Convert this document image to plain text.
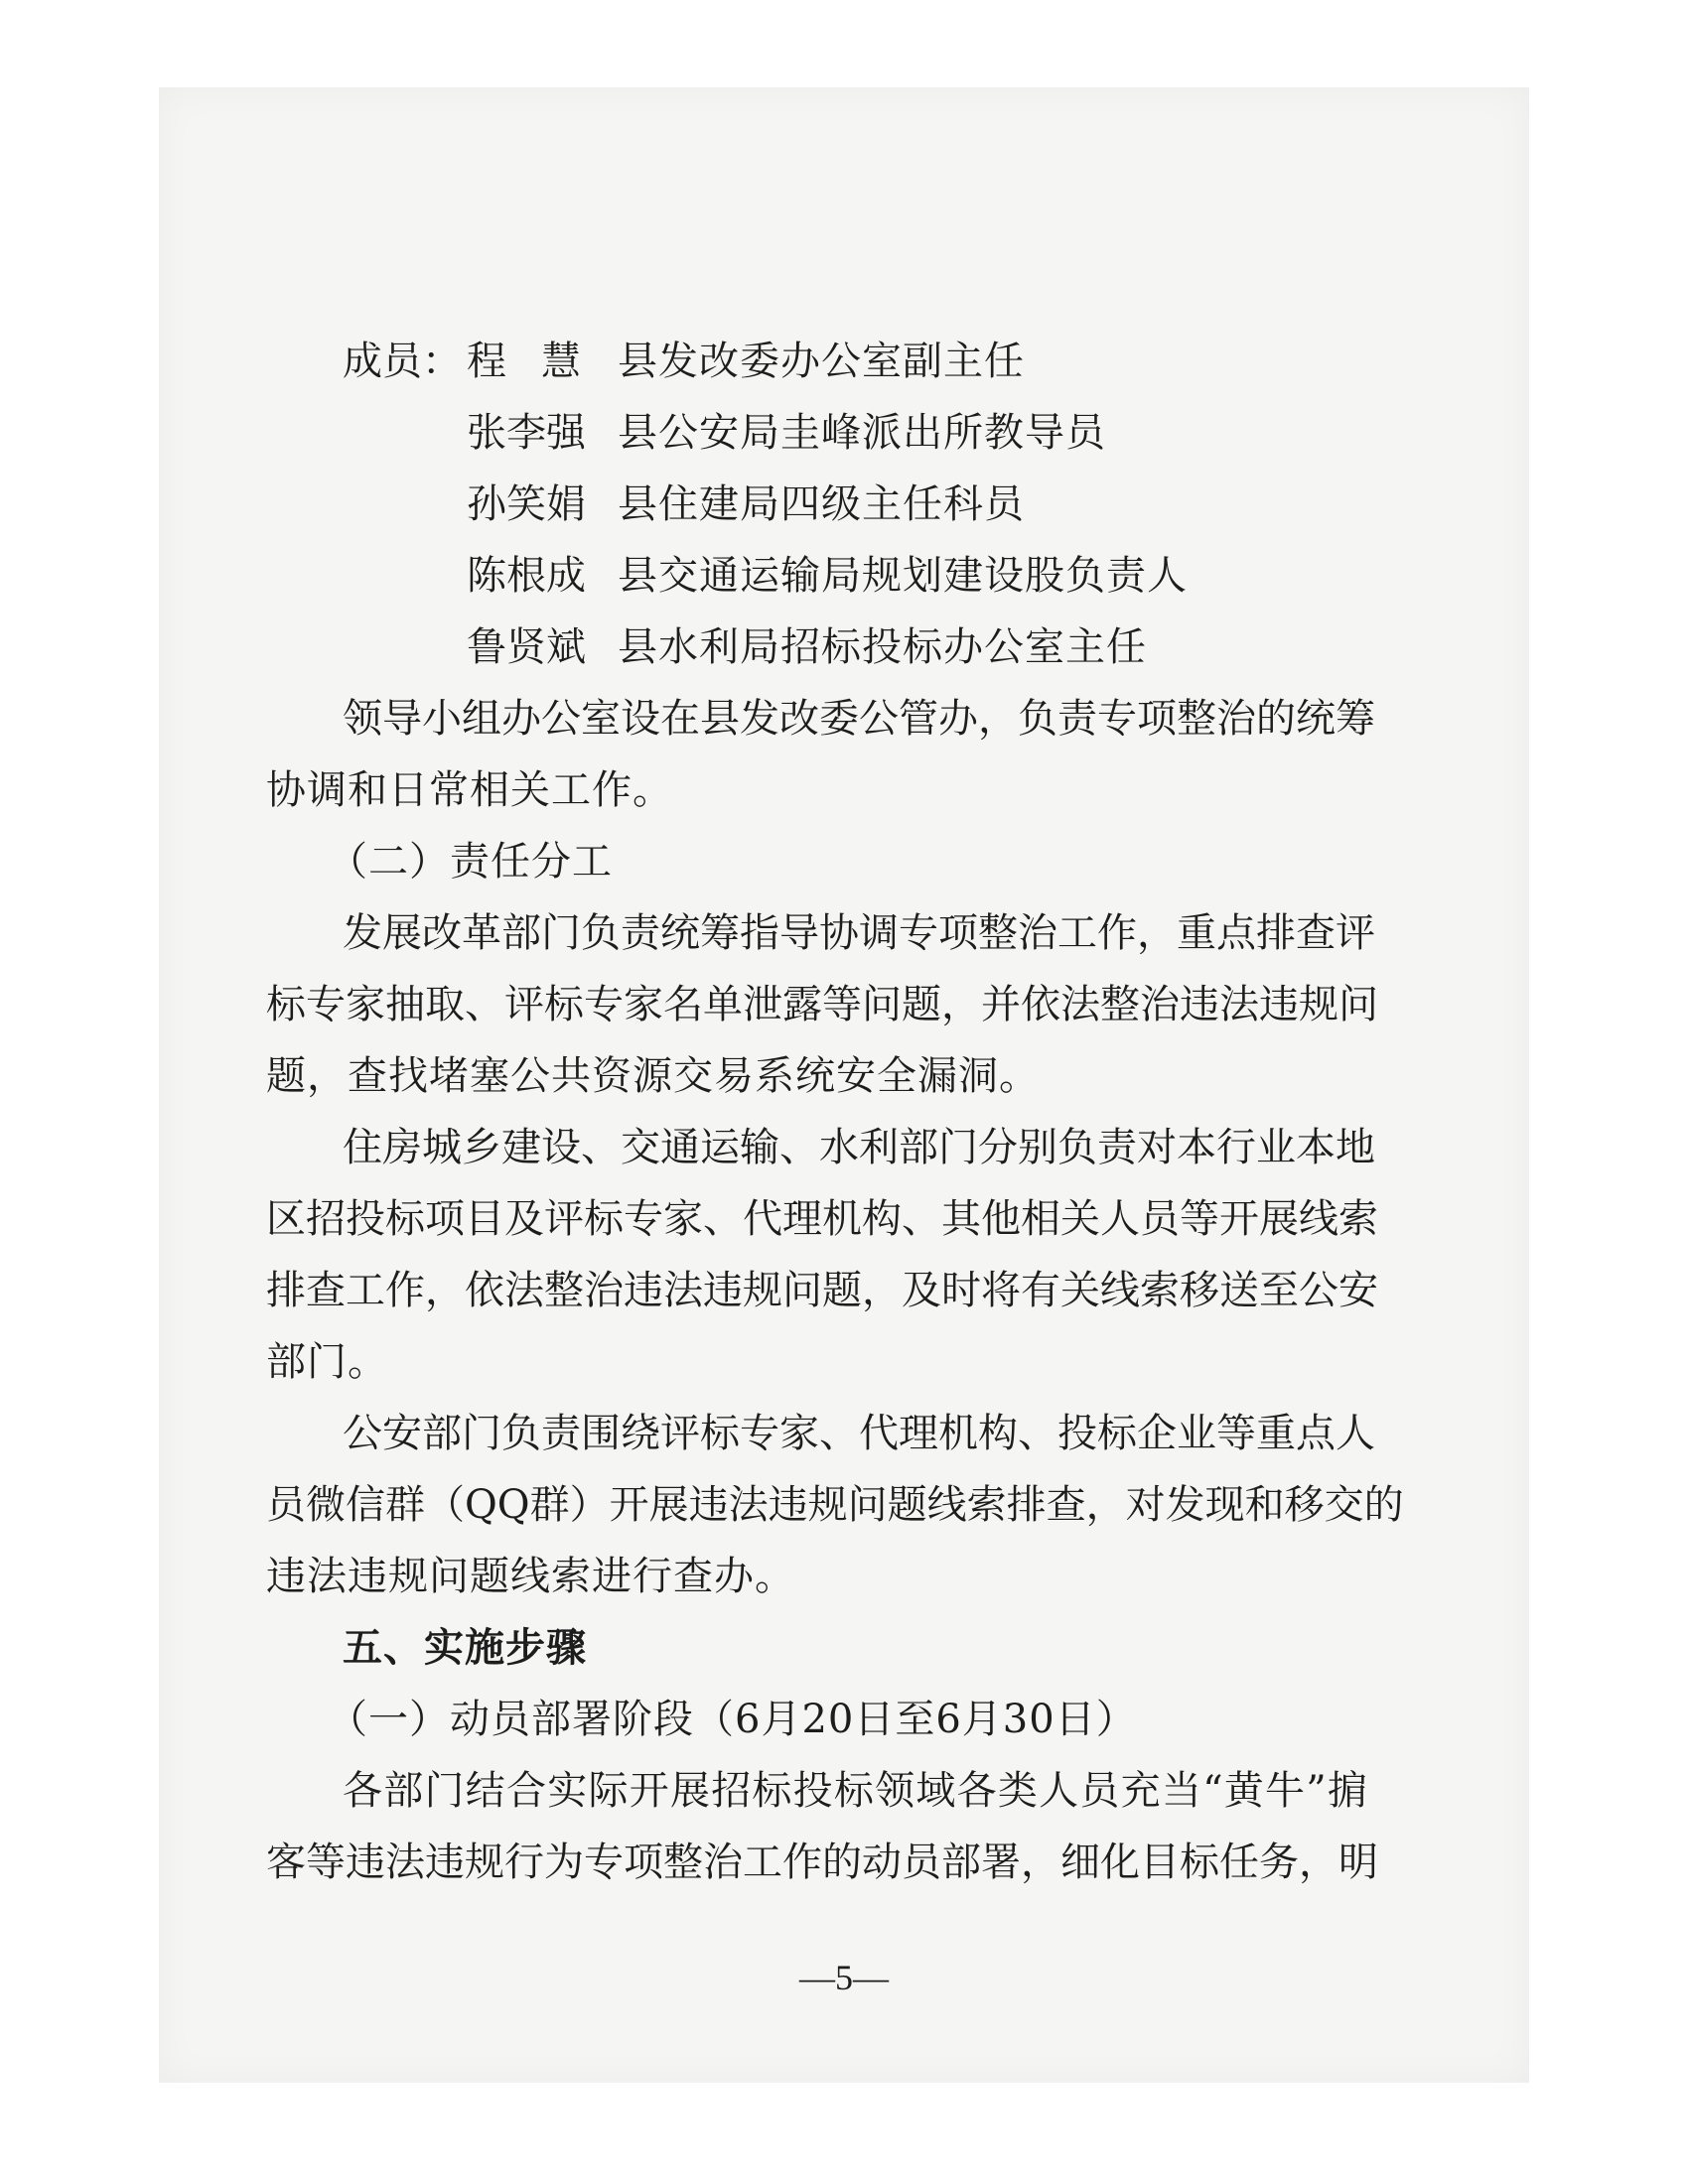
成员： 程 慧 县发改委办公室副主任
张李强 县公安局圭峰派出所教导员
孙笑娟 县住建局四级主任科员
陈根成 县交通运输局规划建设股负责人
鲁贤斌 县水利局招标投标办公室主任
领导小组办公室设在县发改委公管办，负责专项整治的统筹
协调和日常相关工作。
（二）责任分工
发展改革部门负责统筹指导协调专项整治工作，重点排查评
标专家抽取、评标专家名单泄露等问题，并依法整治违法违规问
题，查找堵塞公共资源交易系统安全漏洞。
住房城乡建设、交通运输、水利部门分别负责对本行业本地
区招投标项目及评标专家、代理机构、其他相关人员等开展线索
排查工作，依法整治违法违规问题，及时将有关线索移送至公安
部门。
公安部门负责围绕评标专家、代理机构、投标企业等重点人
员微信群（QQ群）开展违法违规问题线索排查，对发现和移交的
违法违规问题线索进行查办。
五、实施步骤
（一）动员部署阶段（6月20日至6月30日）
各部门结合实际开展招标投标领域各类人员充当“黄牛”掮
客等违法违规行为专项整治工作的动员部署，细化目标任务，明
—5—
